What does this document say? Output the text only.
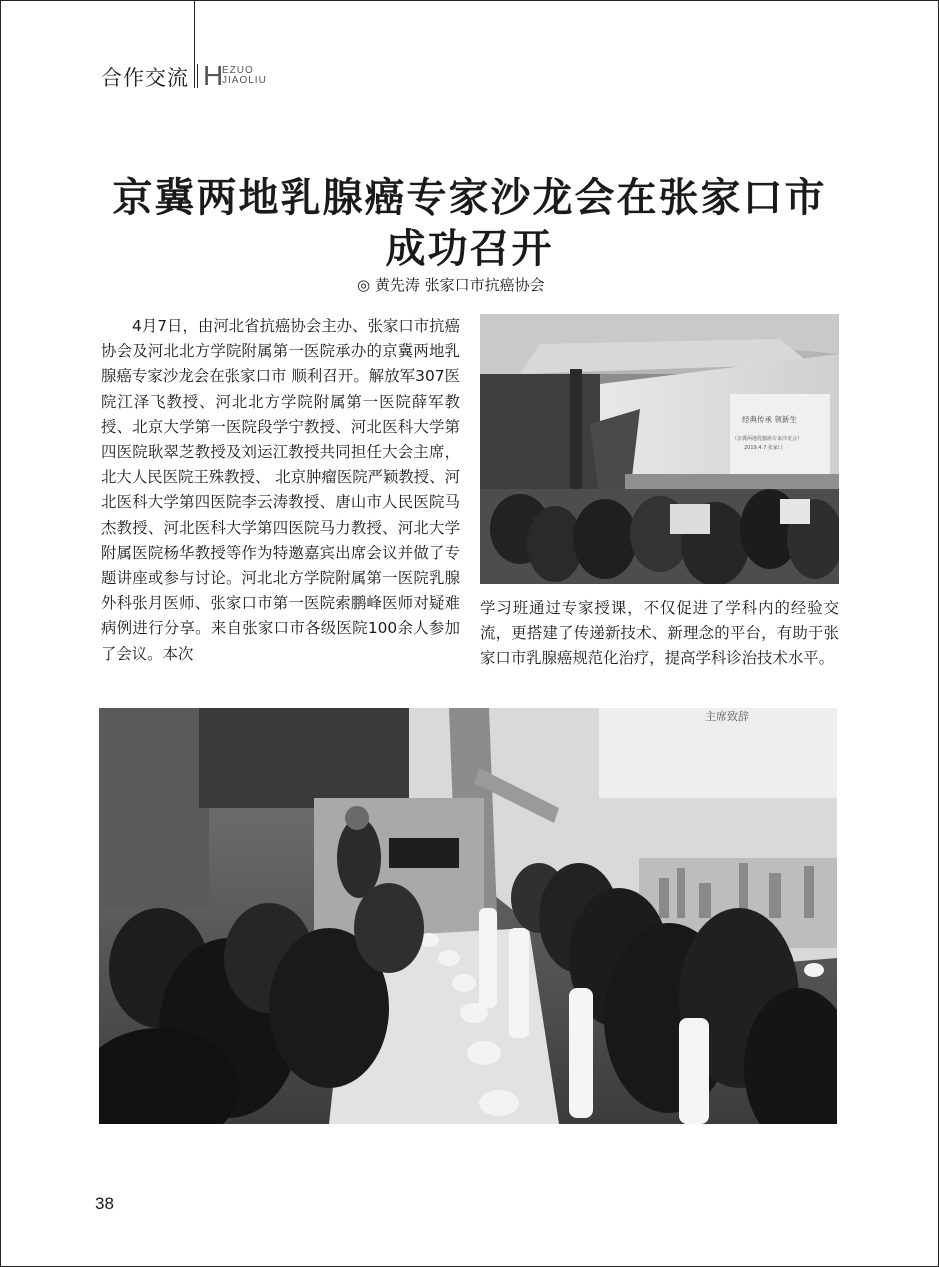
合作交流 H
EZUO
JIAOLIU
京冀两地乳腺癌专家沙龙会在张家口市
成功召开
◎ 黄先涛 张家口市抗癌协会
4月7日，由河北省抗癌协会主办、张家口市抗癌协会及河北北方学院附属第一医院承办的京冀两地乳腺癌专家沙龙会在张家口市 顺利召开。解放军307医院江泽飞教授、河北北方学院附属第一医院薛军教授、北京大学第一医院段学宁教授、河北医科大学第四医院耿翠芝教授及刘运江教授共同担任大会主席，北大人民医院王殊教授、 北京肿瘤医院严颖教授、河北医科大学第四医院李云涛教授、唐山市人民医院马杰教授、河北医科大学第四医院马力教授、河北大学附属医院杨华教授等作为特邀嘉宾出席会议并做了专题讲座或参与讨论。河北北方学院附属第一医院乳腺外科张月医师、张家口市第一医院索鹏峰医师对疑难病例进行分享。来自张家口市各级医院100余人参加了会议。本次
经典传承 领新生
《京冀两地乳腺癌专家沙龙会》
2019.4.7 张家口
学习班通过专家授课，不仅促进了学科内的经验交流，更搭建了传递新技术、新理念的平台，有助于张家口市乳腺癌规范化治疗，提高学科诊治技术水平。
主席致辞
38
